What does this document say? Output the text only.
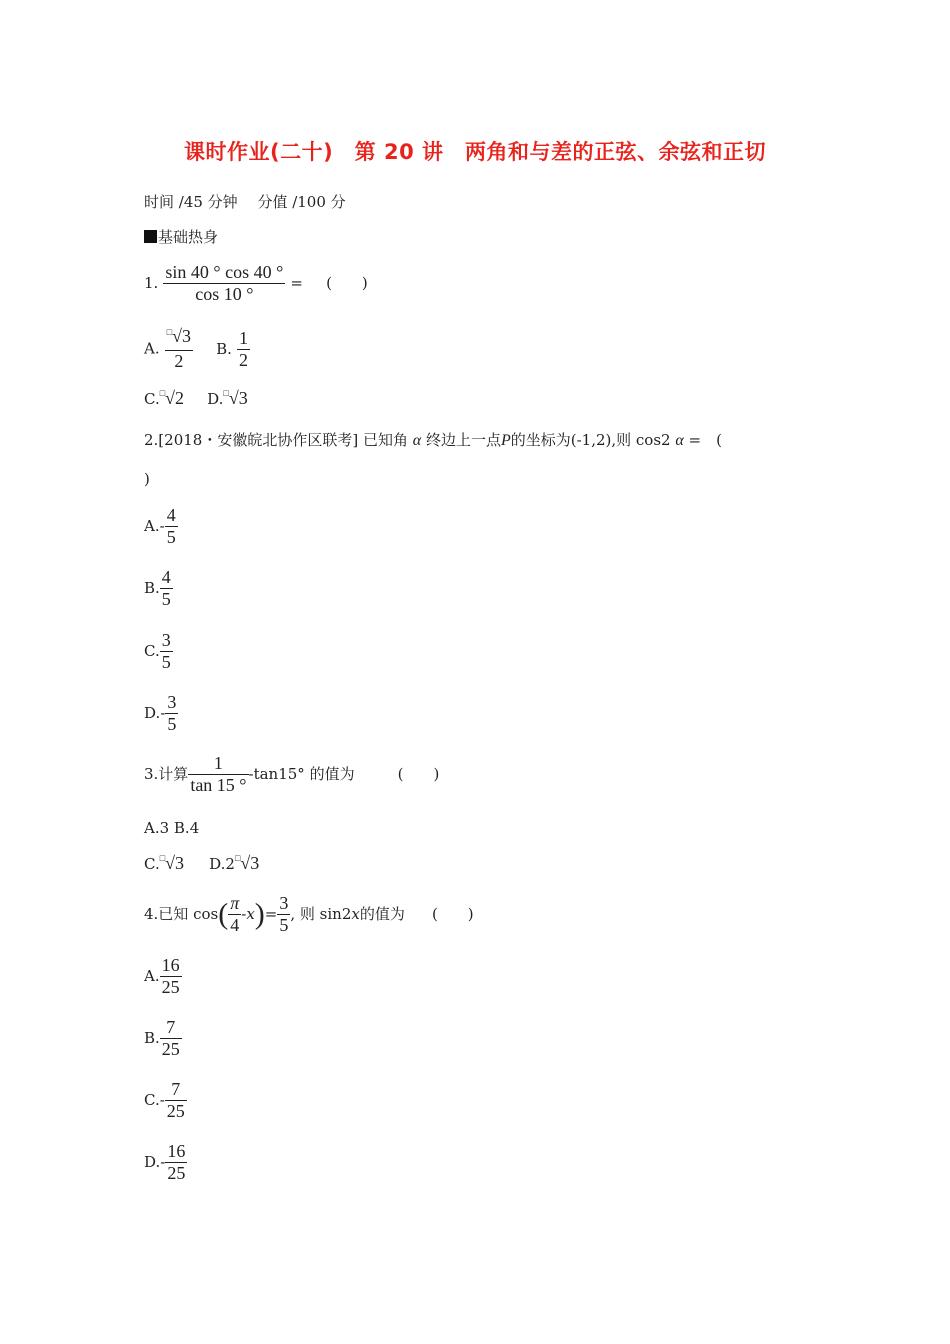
课时作业(二十)　第 20 讲　两角和与差的正弦、余弦和正切
时间 /45 分钟　 分值 /100 分
基础热身
1. $\frac{\sin 40 ^\circ \cos 40 ^\circ}{\cos 10 ^\circ}$ = (　　)
A. $\frac{^□√3}{2} B$. $\frac{1}{2}$
C.□√2 D.□√3
2.[2018・安徽皖北协作区联考] 已知角 α 终边上一点P的坐标为(-1,2),则 cos2 α =　(
)
$A.- \frac{4}{5}$
B. $\frac{4}{5}$
C. $\frac{3}{5}$
$D.- \frac{3}{5}$
3.计算 $\frac{1}{\tan 15 ^\circ} -\tan 15^\circ$ 的值为	(　　)
A.3 B.4
C.□√3 D.2□√3
4.已知 $\cos( \frac{\pi}{4} -x)= \frac{3}{5}$ , 则 sin2x的值为 (　　)
A. $\frac{16}{25}$
B. $\frac{7}{25}$
$C.- \frac{7}{25}$
$D.- \frac{16}{25}$
